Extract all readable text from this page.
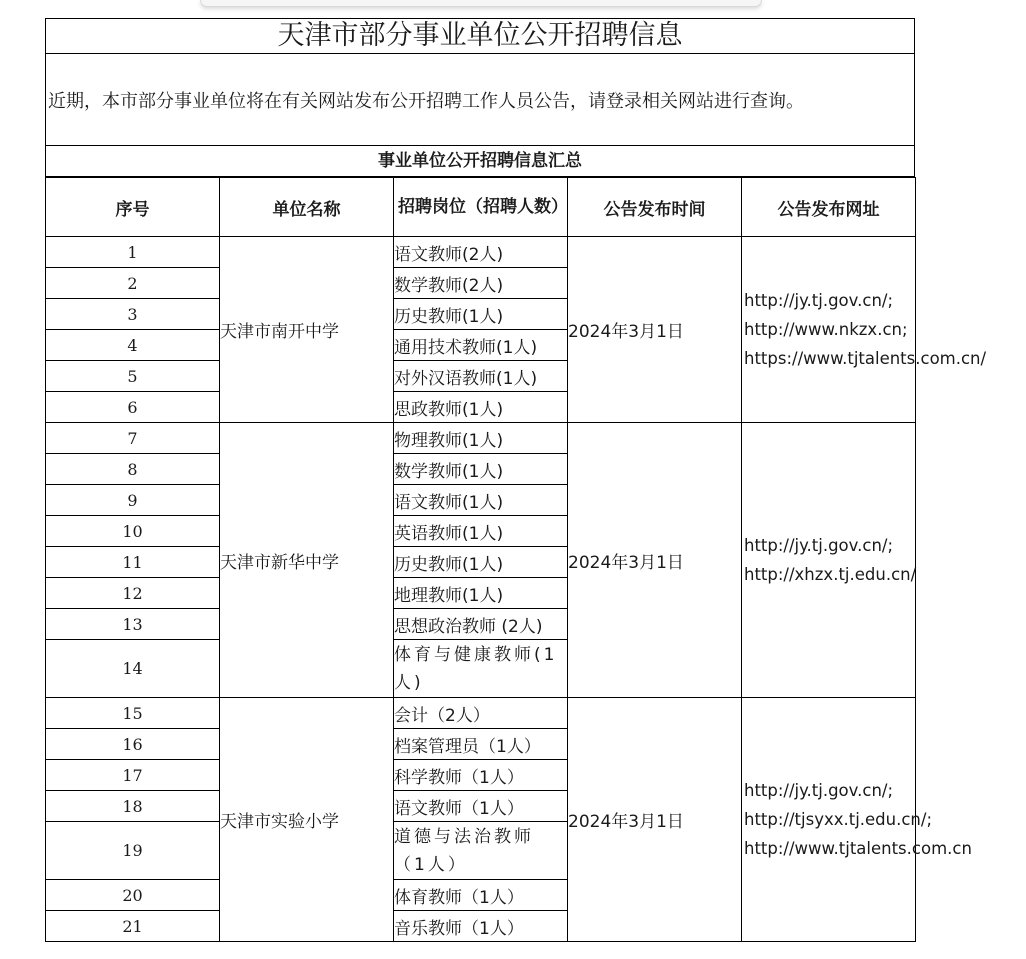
天津市部分事业单位公开招聘信息
近期，本市部分事业单位将在有关网站发布公开招聘工作人员公告，请登录相关网站进行查询。
事业单位公开招聘信息汇总
序号	单位名称	招聘岗位（招聘人数）	公告发布时间	公告发布网址
1	天津市南开中学	语文教师(2人)	2024年3月1日	http://jy.tj.gov.cn/;
http://www.nkzx.cn;
https://www.tjtalents.com.cn/

2		数学教师(2人)		
3		历史教师(1人)		
4		通用技术教师(1人)		
5		对外汉语教师(1人)		
6		思政教师(1人)		
7	天津市新华中学	物理教师(1人)	2024年3月1日	http://jy.tj.gov.cn/;
http://xhzx.tj.edu.cn/

8		数学教师(1人)		
9		语文教师(1人)		
10		英语教师(1人)		
11		历史教师(1人)		
12		地理教师(1人)		
13		思想政治教师 (2人)		
14		体育与健康教师(1人)		
15	天津市实验小学	会计（2人）	2024年3月1日	http://jy.tj.gov.cn/;
http://tjsyxx.tj.edu.cn/;
http://www.tjtalents.com.cn

16		档案管理员（1人）		
17		科学教师（1人）		
18		语文教师（1人）		
19		道德与法治教师（1人）		
20		体育教师（1人）		
21		音乐教师（1人）		
